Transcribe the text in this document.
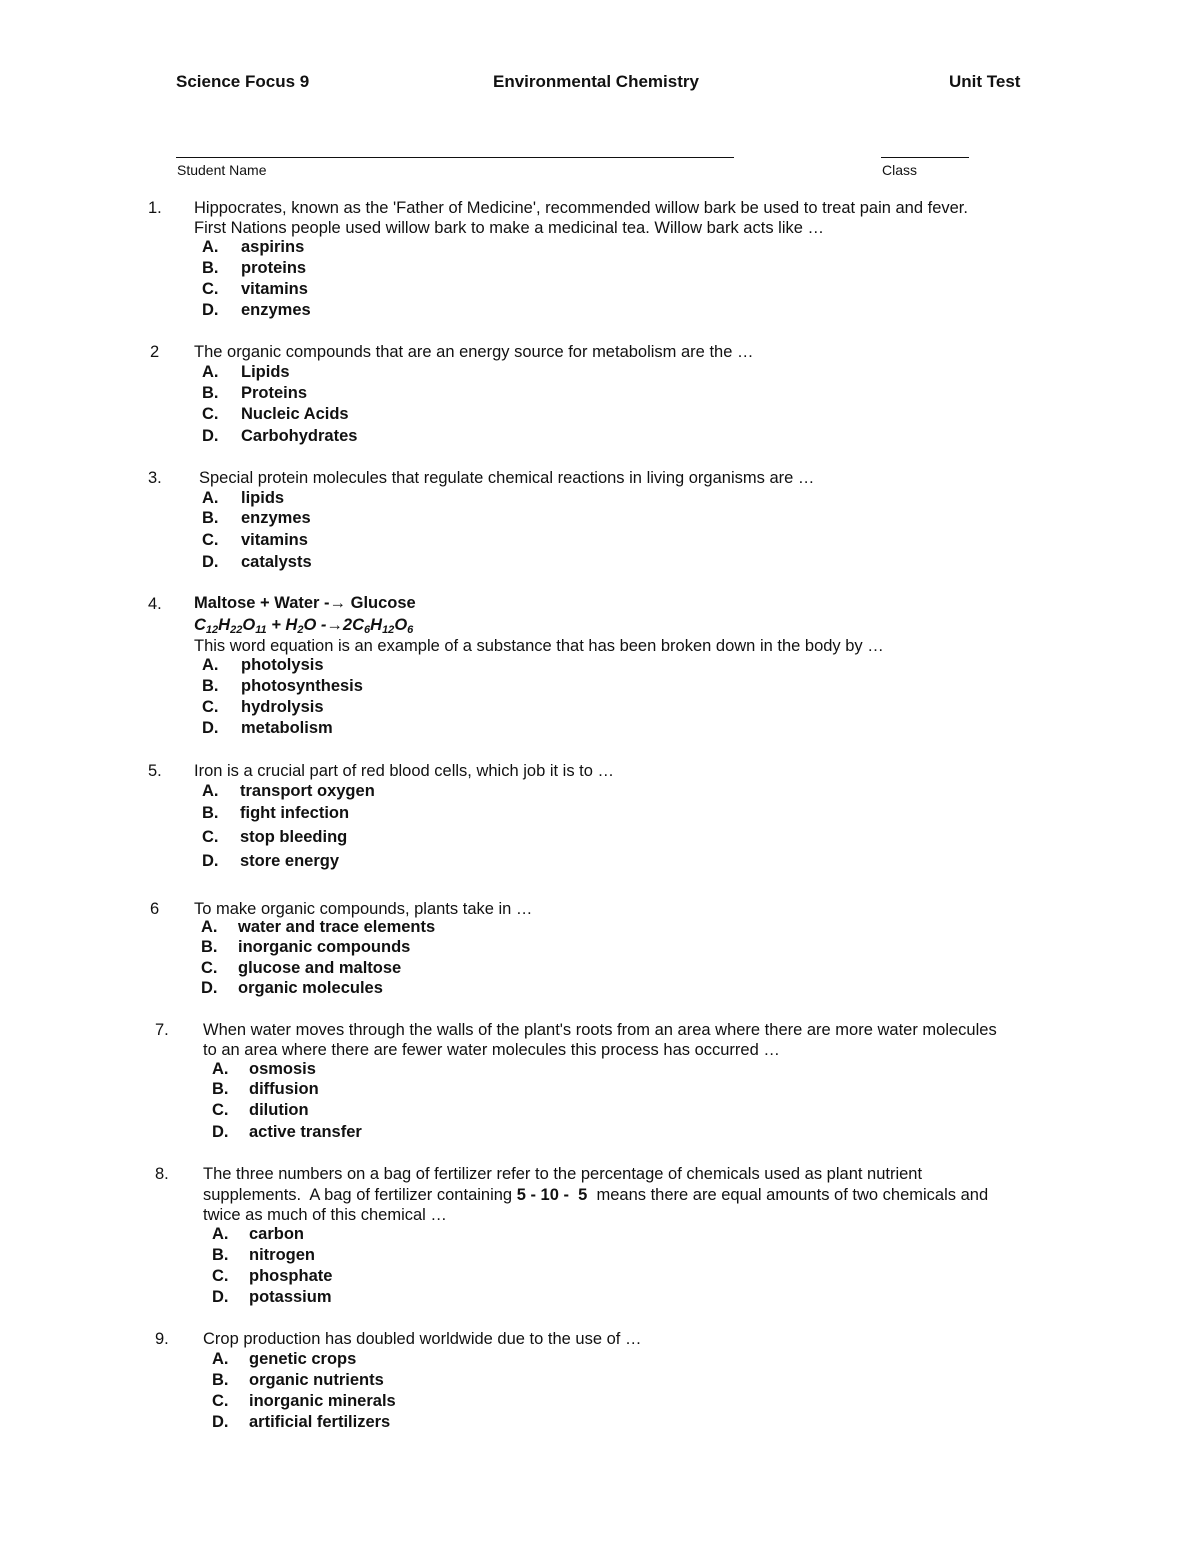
Science Focus 9	Environmental Chemistry	Unit Test
Student Name	Class
1. Hippocrates, known as the 'Father of Medicine', recommended willow bark be used to treat pain and fever.
First Nations people used willow bark to make a medicinal tea. Willow bark acts like …
A. aspirins
B. proteins
C. vitamins
D. enzymes
2 The organic compounds that are an energy source for metabolism are the …
A. Lipids
B. Proteins
C. Nucleic Acids
D. Carbohydrates
3. Special protein molecules that regulate chemical reactions in living organisms are …
A. lipids
B. enzymes
C. vitamins
D. catalysts
4. Maltose + Water -→ Glucose
$C_{12}H_{22}O_{11} + H_2O$ $-\to 2C_6H_{12}O_6$
This word equation is an example of a substance that has been broken down in the body by …
A. photolysis
B. photosynthesis
C. hydrolysis
D. metabolism
5. Iron is a crucial part of red blood cells, which job it is to …
A. transport oxygen
B. fight infection
C. stop bleeding
D. store energy
6 To make organic compounds, plants take in …
A. water and trace elements
B. inorganic compounds
C. glucose and maltose
D. organic molecules
7. When water moves through the walls of the plant's roots from an area where there are more water molecules
to an area where there are fewer water molecules this process has occurred …
A. osmosis
B. diffusion
C. dilution
D. active transfer
8. The three numbers on a bag of fertilizer refer to the percentage of chemicals used as plant nutrient
supplements.  A bag of fertilizer containing 5 - 10 -  5  means there are equal amounts of two chemicals and
twice as much of this chemical …
A. carbon
B. nitrogen
C. phosphate
D. potassium
9. Crop production has doubled worldwide due to the use of …
A. genetic crops
B. organic nutrients
C. inorganic minerals
D. artificial fertilizers
